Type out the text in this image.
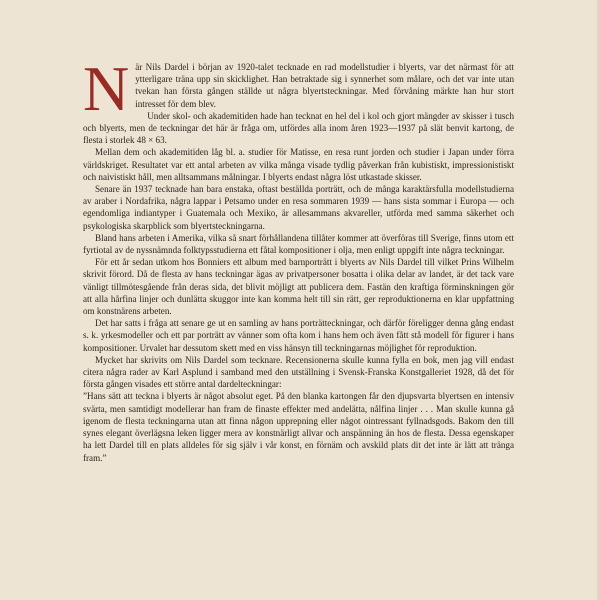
När Nils Dardel i början av 1920-talet tecknade en rad modellstudier i blyerts, var det närmast för att ytterligare träna upp sin skicklighet. Han betraktade sig i synnerhet som målare, och det var inte utan tvekan han första gången ställde ut några blyertsteckningar. Med förvåning märkte han hur stort intresset för dem blev.

Under skol- och akademitiden hade han tecknat en hel del i kol och gjort mängder av skisser i tusch och blyerts, men de teckningar det här är fråga om, utfördes alla inom åren 1923—1937 på slät benvit kartong, de flesta i storlek 48 × 63.

Mellan dem och akademitiden låg bl. a. studier för Matisse, en resa runt jorden och studier i Japan under förra världskriget. Resultatet var ett antal arbeten av vilka många visade tydlig påverkan från kubistiskt, impressionistiskt och naivistiskt håll, men alltsammans målningar. I blyerts endast några löst utkastade skisser.

Senare än 1937 tecknade han bara enstaka, oftast beställda porträtt, och de många karaktärsfulla modellstudierna av araber i Nordafrika, några lappar i Petsamo under en resa sommaren 1939 — hans sista sommar i Europa — och egendomliga indiantyper i Guatemala och Mexiko, är allesammans akvareller, utförda med samma säkerhet och psykologiska skarpblick som blyertsteckningarna.

Bland hans arbeten i Amerika, vilka så snart förhållandena tillåter kommer att överföras till Sverige, finns utom ett fyrtiotal av de nyssnämnda folktypsstudierna ett fåtal kompositioner i olja, men enligt uppgift inte några teckningar.

För ett år sedan utkom hos Bonniers ett album med barnporträtt i blyerts av Nils Dardel till vilket Prins Wilhelm skrivit förord. Då de flesta av hans teckningar ägas av privatpersoner bosatta i olika delar av landet, är det tack vare vänligt tillmötesgående från deras sida, det blivit möjligt att publicera dem. Fastän den kraftiga förminskningen gör att alla hårfina linjer och dunlätta skuggor inte kan komma helt till sin rätt, ger reproduktionerna en klar uppfattning om konstnärens arbeten.

Det har satts i fråga att senare ge ut en samling av hans porträtteckningar, och därför föreligger denna gång endast s. k. yrkesmodeller och ett par porträtt av vänner som ofta kom i hans hem och även fått stå modell för figurer i hans kompositioner. Urvalet har dessutom skett med en viss hänsyn till teckningarnas möjlighet för reproduktion.

Mycket har skrivits om Nils Dardel som tecknare. Recensionerna skulle kunna fylla en bok, men jag vill endast citera några rader av Karl Asplund i samband med den utställning i Svensk-Franska Konstgalleriet 1928, då det för första gången visades ett större antal dardelteckningar:

”Hans sätt att teckna i blyerts är något absolut eget. På den blanka kartongen får den djupsvarta blyertsen en intensiv svärta, men samtidigt modellerar han fram de finaste effekter med andelätta, nålfina linjer . . . Man skulle kunna gå igenom de flesta teckningarna utan att finna någon upprepning eller något ointressant fyllnadsgods. Bakom den till synes elegant överlägsna leken ligger mera av konstnärligt allvar och anspänning än hos de flesta. Dessa egenskaper ha lett Dardel till en plats alldeles för sig själv i vår konst, en förnäm och avskild plats dit det inte är lätt att tränga fram.”
